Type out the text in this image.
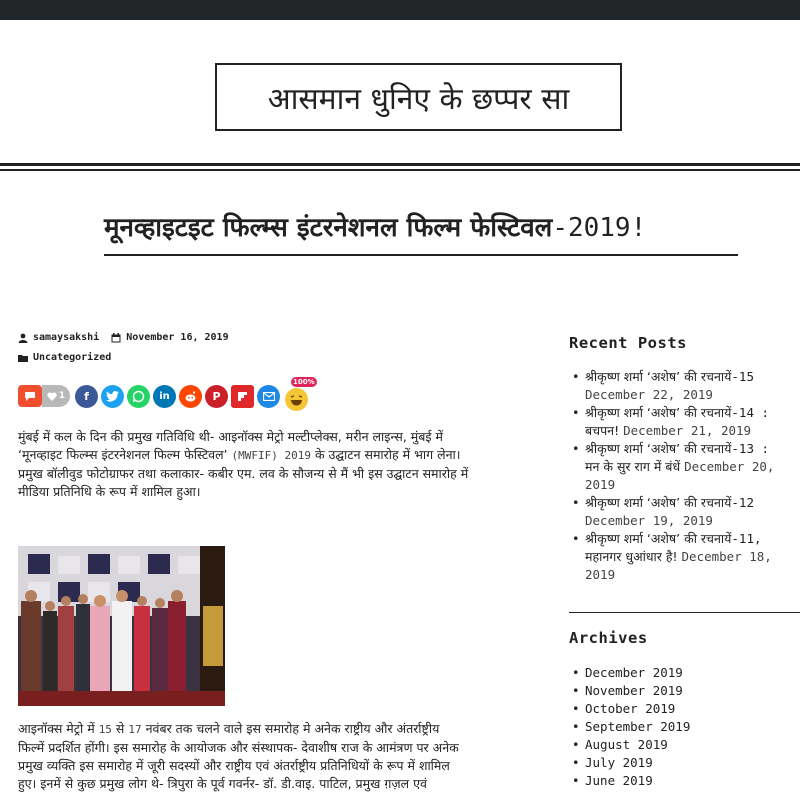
आसमान धुनिए के छप्पर सा
मूनव्हाइटइट फिल्म्स इंटरनेशनल फिल्म फेस्टिवल-2019!
samaysakshi	November 16, 2019
Uncategorized
1	f	in	P
100%
मुंबई में कल के दिन की प्रमुख गतिविधि थी- आइनॉक्स मेट्रो मल्टीप्लेक्स, मरीन लाइन्स, मुंबई में
‘मूनव्हाइट फिल्म्स इंटरनेशनल फिल्म फेस्टिवल’ (MWFIF) 2019 के उद्घाटन समारोह में भाग लेना।
प्रमुख बॉलीवुड फोटोग्राफर तथा कलाकार- कबीर एम. लव के सौजन्य से मैं भी इस उद्घाटन समारोह में
मीडिया प्रतिनिधि के रूप में शामिल हुआ।
आइनॉक्स मेट्रो में 15 से 17 नवंबर तक चलने वाले इस समारोह मे अनेक राष्ट्रीय और अंतर्राष्ट्रीय
फिल्में प्रदर्शित होंगी। इस समारोह के आयोजक और संस्थापक- देवाशीष राज के आमंत्रण पर अनेक
प्रमुख व्यक्ति इस समारोह में जूरी सदस्यों और राष्ट्रीय एवं अंतर्राष्ट्रीय प्रतिनिधियों के रूप में शामिल
हुए। इनमें से कुछ प्रमुख लोग थे- त्रिपुरा के पूर्व गवर्नर- डॉ. डी.वाइ. पाटिल, प्रमुख ग़ज़ल एवं
Recent Posts
• श्रीकृष्ण शर्मा ‘अशेष’ की रचनायें-15
December 22, 2019
• श्रीकृष्ण शर्मा ‘अशेष’ की रचनायें-14 :
बचपन! December 21, 2019
• श्रीकृष्ण शर्मा ‘अशेष’ की रचनायें-13 :
मन के सुर राग में बंधें December 20,
2019
• श्रीकृष्ण शर्मा ‘अशेष’ की रचनायें-12
December 19, 2019
• श्रीकृष्ण शर्मा ‘अशेष’ की रचनायें-11,
महानगर धुआंधार है! December 18,
2019
Archives
• December 2019
• November 2019
• October 2019
• September 2019
• August 2019
• July 2019
• June 2019
